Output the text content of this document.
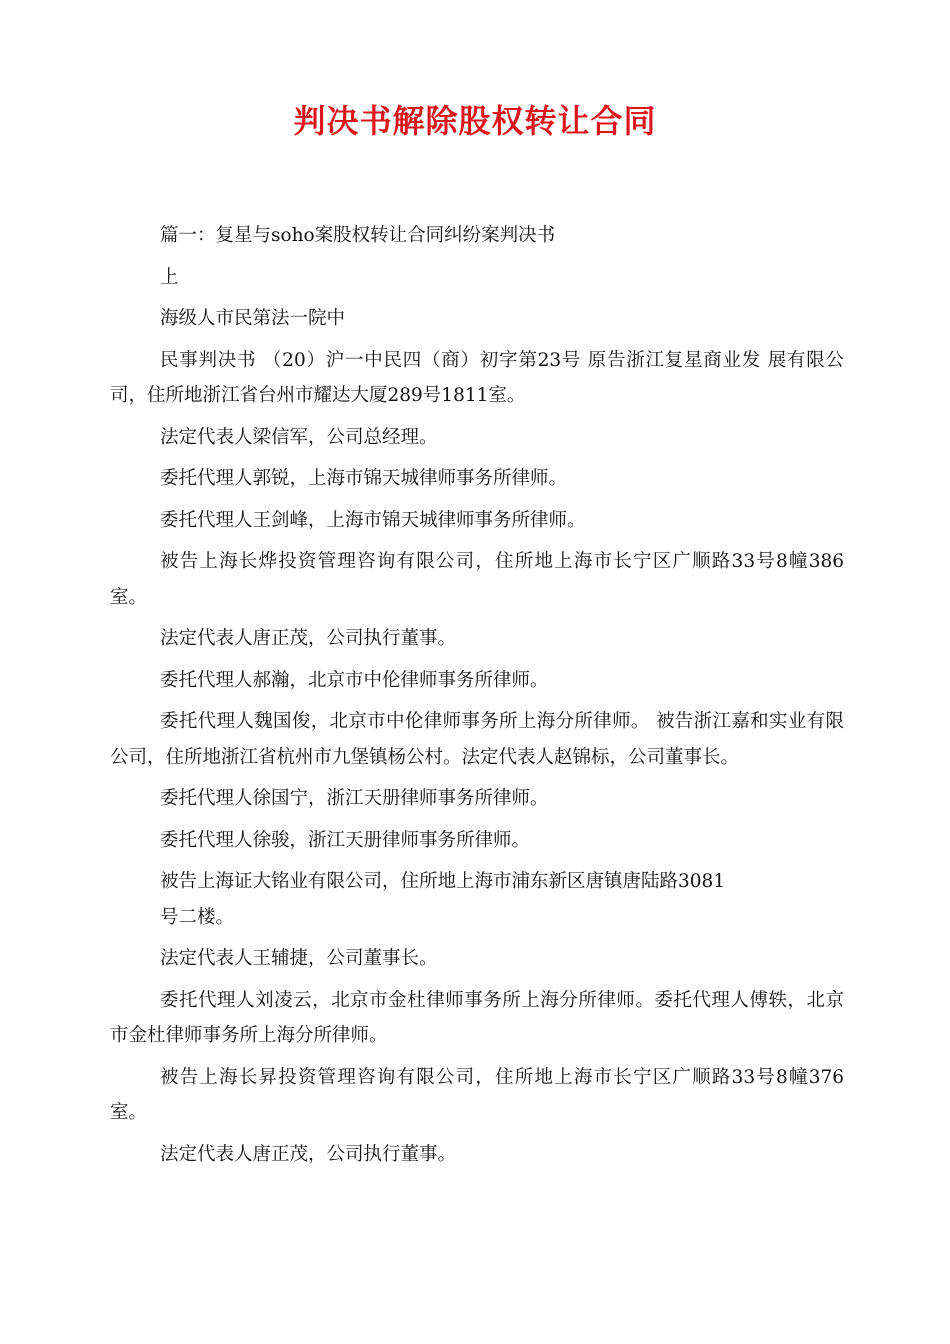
判决书解除股权转让合同

篇一：复星与soho案股权转让合同纠纷案判决书

上

海级人市民第法一院中

民事判决书 （20）沪一中民四（商）初字第23号 原告浙江复星商业发 展有限公司，住所地浙江省台州市耀达大厦289号1811室。

法定代表人梁信军，公司总经理。

委托代理人郭锐，上海市锦天城律师事务所律师。

委托代理人王剑峰，上海市锦天城律师事务所律师。

被告上海长烨投资管理咨询有限公司，住所地上海市长宁区广顺路33号8幢386 室。

法定代表人唐正茂，公司执行董事。

委托代理人郝瀚，北京市中伦律师事务所律师。

委托代理人魏国俊，北京市中伦律师事务所上海分所律师。 被告浙江嘉和实业有限公司，住所地浙江省杭州市九堡镇杨公村。法定代表人赵锦标，公司董事长。

委托代理人徐国宁，浙江天册律师事务所律师。

委托代理人徐骏，浙江天册律师事务所律师。

被告上海证大铭业有限公司，住所地上海市浦东新区唐镇唐陆路3081

号二楼。

法定代表人王辅捷，公司董事长。

委托代理人刘凌云，北京市金杜律师事务所上海分所律师。委托代理人傅轶，北京市金杜律师事务所上海分所律师。

被告上海长昇投资管理咨询有限公司，住所地上海市长宁区广顺路33号8幢376 室。

法定代表人唐正茂，公司执行董事。
